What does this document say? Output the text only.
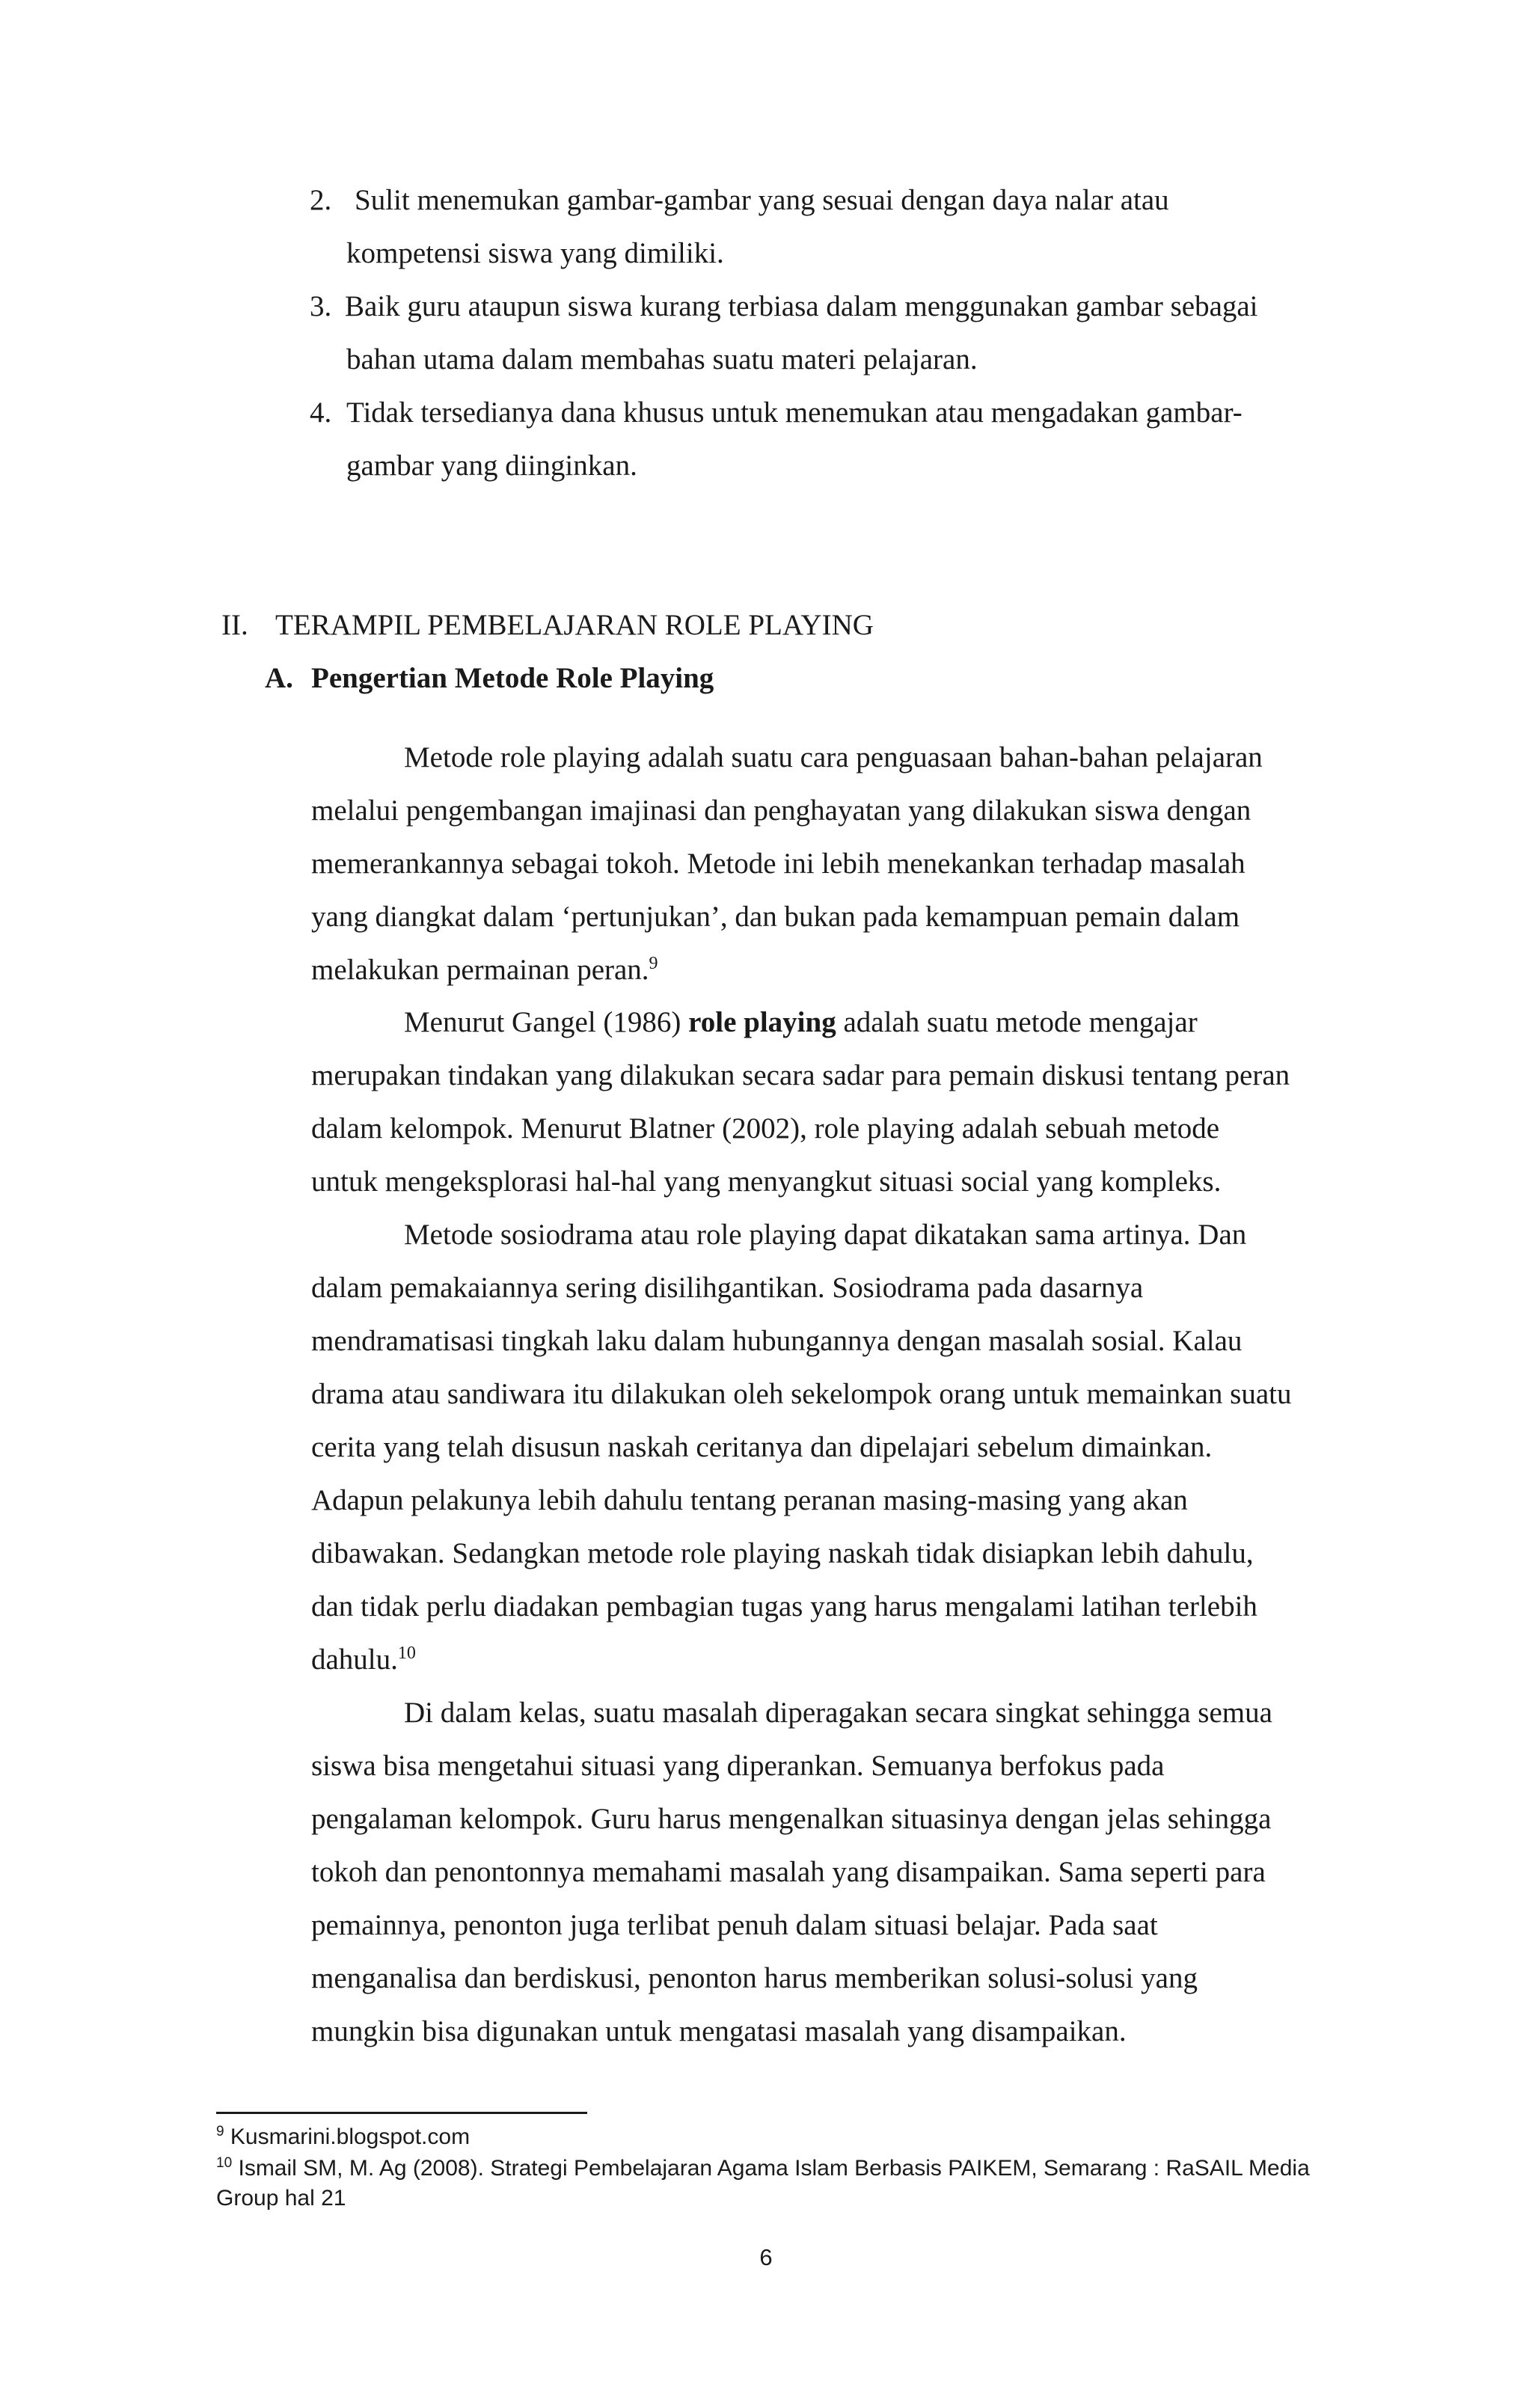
2. Sulit menemukan gambar-gambar yang sesuai dengan daya nalar atau
kompetensi siswa yang dimiliki.
3. Baik guru ataupun siswa kurang terbiasa dalam menggunakan gambar sebagai
bahan utama dalam membahas suatu materi pelajaran.
4. Tidak tersedianya dana khusus untuk menemukan atau mengadakan gambar-
gambar yang diinginkan.
II. TERAMPIL PEMBELAJARAN ROLE PLAYING
A. Pengertian Metode Role Playing
Metode role playing adalah suatu cara penguasaan bahan-bahan pelajaran
melalui pengembangan imajinasi dan penghayatan yang dilakukan siswa dengan
memerankannya sebagai tokoh. Metode ini lebih menekankan terhadap masalah
yang diangkat dalam ‘pertunjukan’, dan bukan pada kemampuan pemain dalam
melakukan permainan peran.$^9$
Menurut Gangel (1986) role playing adalah suatu metode mengajar
merupakan tindakan yang dilakukan secara sadar para pemain diskusi tentang peran
dalam kelompok. Menurut Blatner (2002), role playing adalah sebuah metode
untuk mengeksplorasi hal-hal yang menyangkut situasi social yang kompleks.
Metode sosiodrama atau role playing dapat dikatakan sama artinya. Dan
dalam pemakaiannya sering disilihgantikan. Sosiodrama pada dasarnya
mendramatisasi tingkah laku dalam hubungannya dengan masalah sosial. Kalau
drama atau sandiwara itu dilakukan oleh sekelompok orang untuk memainkan suatu
cerita yang telah disusun naskah ceritanya dan dipelajari sebelum dimainkan.
Adapun pelakunya lebih dahulu tentang peranan masing-masing yang akan
dibawakan. Sedangkan metode role playing naskah tidak disiapkan lebih dahulu,
dan tidak perlu diadakan pembagian tugas yang harus mengalami latihan terlebih
dahulu.$^{10}$
Di dalam kelas, suatu masalah diperagakan secara singkat sehingga semua
siswa bisa mengetahui situasi yang diperankan. Semuanya berfokus pada
pengalaman kelompok. Guru harus mengenalkan situasinya dengan jelas sehingga
tokoh dan penontonnya memahami masalah yang disampaikan. Sama seperti para
pemainnya, penonton juga terlibat penuh dalam situasi belajar. Pada saat
menganalisa dan berdiskusi, penonton harus memberikan solusi-solusi yang
mungkin bisa digunakan untuk mengatasi masalah yang disampaikan.
$^9$ Kusmarini.blogspot.com
$^{10}$ Ismail SM, M. Ag (2008). Strategi Pembelajaran Agama Islam Berbasis PAIKEM, Semarang : RaSAIL Media
Group hal 21
6
